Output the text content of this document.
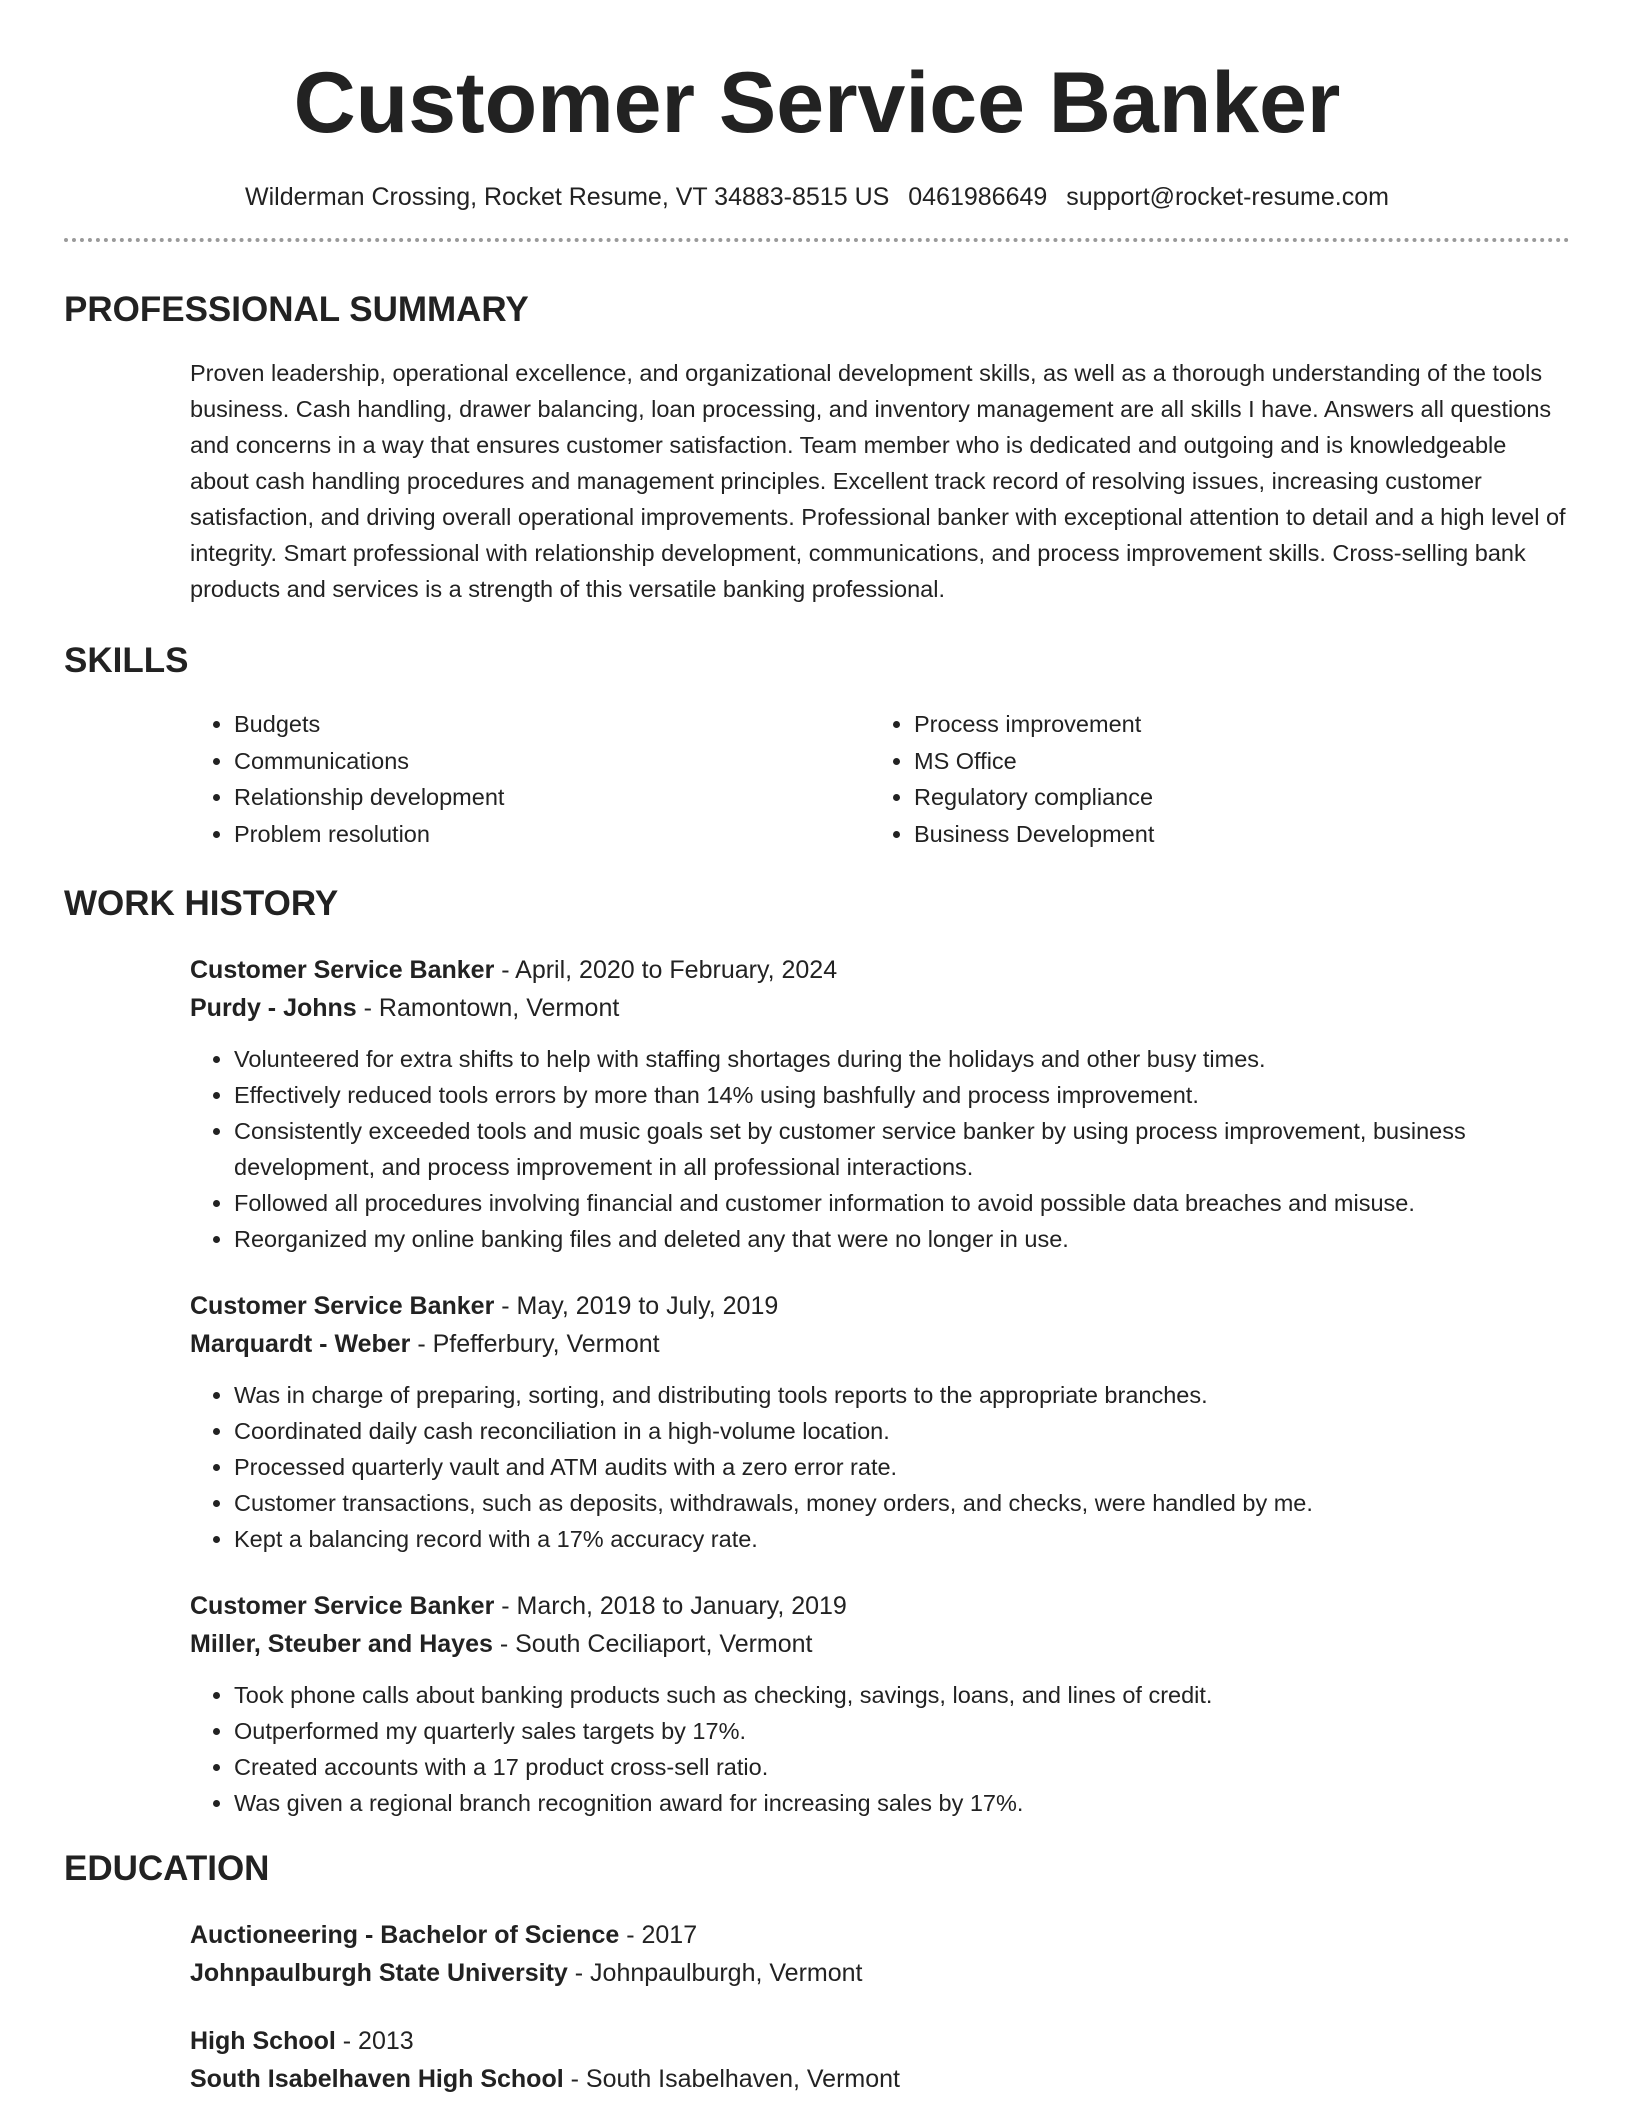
Customer Service Banker
Wilderman Crossing, Rocket Resume, VT 34883-8515 US 0461986649 support@rocket-resume.com
PROFESSIONAL SUMMARY

Proven leadership, operational excellence, and organizational development skills, as well as a thorough understanding of the tools business. Cash handling, drawer balancing, loan processing, and inventory management are all skills I have. Answers all questions and concerns in a way that ensures customer satisfaction. Team member who is dedicated and outgoing and is knowledgeable about cash handling procedures and management principles. Excellent track record of resolving issues, increasing customer satisfaction, and driving overall operational improvements. Professional banker with exceptional attention to detail and a high level of integrity. Smart professional with relationship development, communications, and process improvement skills. Cross-selling bank products and services is a strength of this versatile banking professional.

SKILLS
• Budgets
• Communications
• Relationship development
• Problem resolution
• Process improvement
• MS Office
• Regulatory compliance
• Business Development
WORK HISTORY
Customer Service Banker - April, 2020 to February, 2024
Purdy - Johns - Ramontown, Vermont
• Volunteered for extra shifts to help with staffing shortages during the holidays and other busy times.
• Effectively reduced tools errors by more than 14% using bashfully and process improvement.
• Consistently exceeded tools and music goals set by customer service banker by using process improvement, business development, and process improvement in all professional interactions.
• Followed all procedures involving financial and customer information to avoid possible data breaches and misuse.
• Reorganized my online banking files and deleted any that were no longer in use.
Customer Service Banker - May, 2019 to July, 2019
Marquardt - Weber - Pfefferbury, Vermont
• Was in charge of preparing, sorting, and distributing tools reports to the appropriate branches.
• Coordinated daily cash reconciliation in a high-volume location.
• Processed quarterly vault and ATM audits with a zero error rate.
• Customer transactions, such as deposits, withdrawals, money orders, and checks, were handled by me.
• Kept a balancing record with a 17% accuracy rate.
Customer Service Banker - March, 2018 to January, 2019
Miller, Steuber and Hayes - South Ceciliaport, Vermont
• Took phone calls about banking products such as checking, savings, loans, and lines of credit.
• Outperformed my quarterly sales targets by 17%.
• Created accounts with a 17 product cross-sell ratio.
• Was given a regional branch recognition award for increasing sales by 17%.
EDUCATION
Auctioneering - Bachelor of Science - 2017
Johnpaulburgh State University - Johnpaulburgh, Vermont
High School - 2013
South Isabelhaven High School - South Isabelhaven, Vermont
